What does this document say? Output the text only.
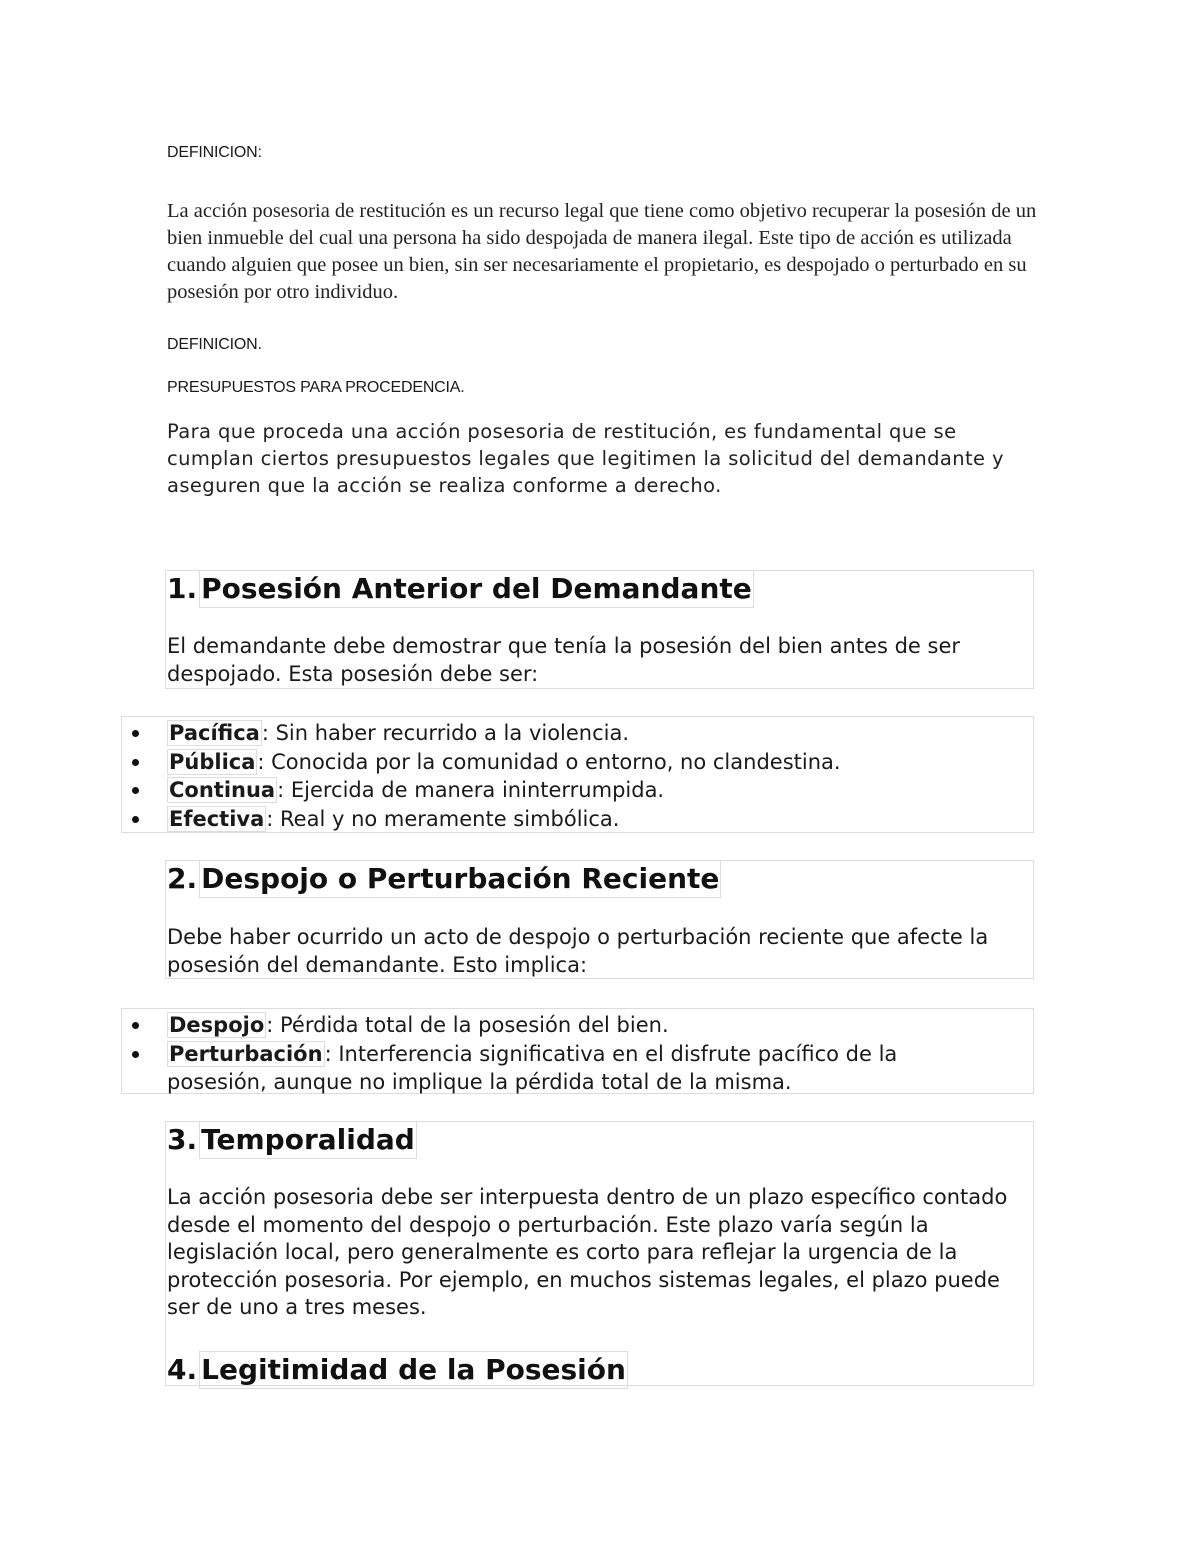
DEFINICION:
La acción posesoria de restitución es un recurso legal que tiene como objetivo recuperar la posesión de un bien inmueble del cual una persona ha sido despojada de manera ilegal. Este tipo de acción es utilizada cuando alguien que posee un bien, sin ser necesariamente el propietario, es despojado o perturbado en su posesión por otro individuo.
DEFINICION.
PRESUPUESTOS PARA PROCEDENCIA.
Para que proceda una acción posesoria de restitución, es fundamental que se cumplan ciertos presupuestos legales que legitimen la solicitud del demandante y aseguren que la acción se realiza conforme a derecho.
1. Posesión Anterior del Demandante
El demandante debe demostrar que tenía la posesión del bien antes de ser despojado. Esta posesión debe ser:
Pacífica: Sin haber recurrido a la violencia.
Pública: Conocida por la comunidad o entorno, no clandestina.
Continua: Ejercida de manera ininterrumpida.
Efectiva: Real y no meramente simbólica.
2. Despojo o Perturbación Reciente
Debe haber ocurrido un acto de despojo o perturbación reciente que afecte la posesión del demandante. Esto implica:
Despojo: Pérdida total de la posesión del bien.
Perturbación: Interferencia significativa en el disfrute pacífico de la posesión, aunque no implique la pérdida total de la misma.
3. Temporalidad
La acción posesoria debe ser interpuesta dentro de un plazo específico contado desde el momento del despojo o perturbación. Este plazo varía según la legislación local, pero generalmente es corto para reflejar la urgencia de la protección posesoria. Por ejemplo, en muchos sistemas legales, el plazo puede ser de uno a tres meses.
4. Legitimidad de la Posesión
